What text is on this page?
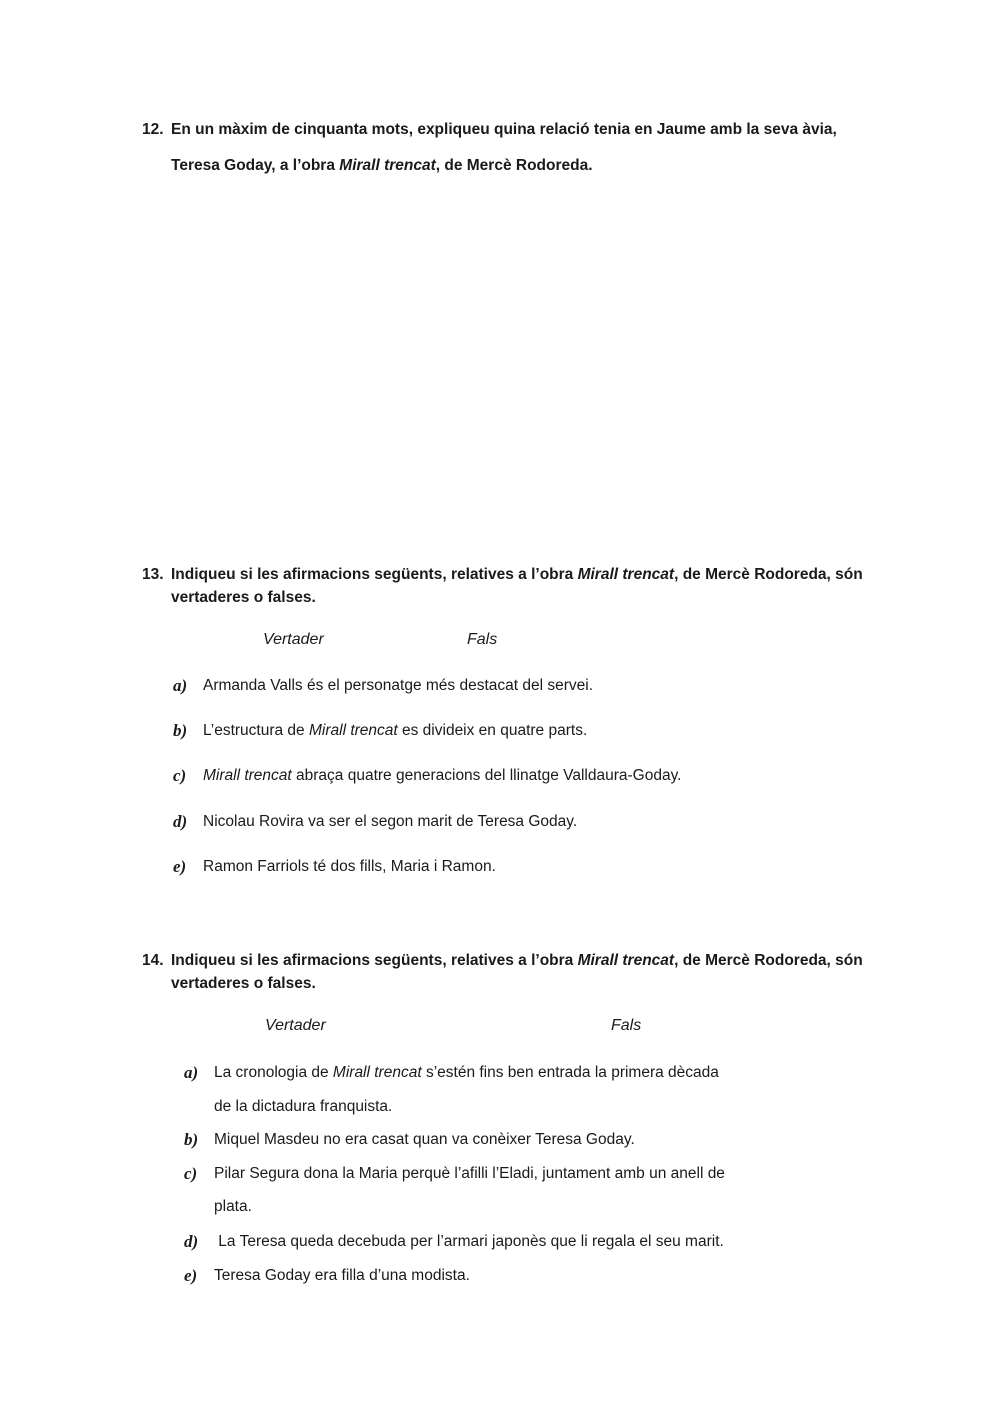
12. En un màxim de cinquanta mots, expliqueu quina relació tenia en Jaume amb la seva àvia,
Teresa Goday, a l’obra Mirall trencat, de Mercè Rodoreda.
13. Indiqueu si les afirmacions següents, relatives a l’obra Mirall trencat, de Mercè Rodoreda, són
vertaderes o falses.
Vertader	Fals
a) Armanda Valls és el personatge més destacat del servei.
b) L’estructura de Mirall trencat es divideix en quatre parts.
c) Mirall trencat abraça quatre generacions del llinatge Valldaura-Goday.
d) Nicolau Rovira va ser el segon marit de Teresa Goday.
e) Ramon Farriols té dos fills, Maria i Ramon.
14. Indiqueu si les afirmacions següents, relatives a l’obra Mirall trencat, de Mercè Rodoreda, són
vertaderes o falses.
Vertader	Fals
a) La cronologia de Mirall trencat s’estén fins ben entrada la primera dècada
de la dictadura franquista.
b) Miquel Masdeu no era casat quan va conèixer Teresa Goday.
c) Pilar Segura dona la Maria perquè l’afilli l’Eladi, juntament amb un anell de
plata.
d) La Teresa queda decebuda per l’armari japonès que li regala el seu marit.
e) Teresa Goday era filla d’una modista.
